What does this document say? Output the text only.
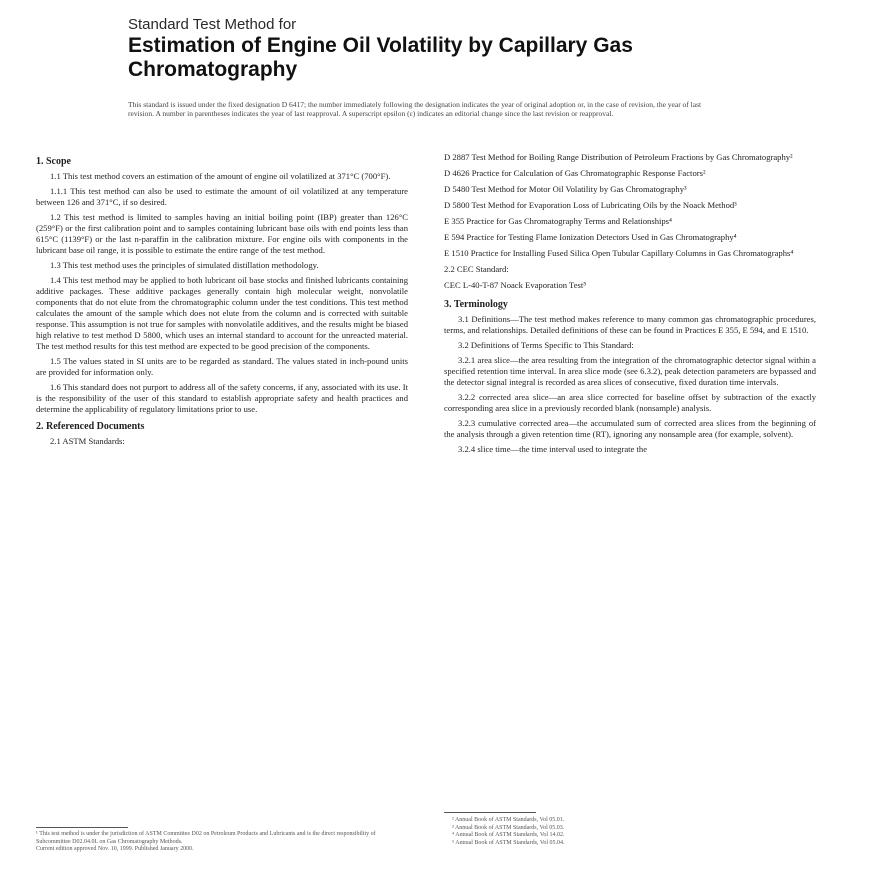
Standard Test Method for
Estimation of Engine Oil Volatility by Capillary Gas Chromatography
This standard is issued under the fixed designation D 6417; the number immediately following the designation indicates the year of original adoption or, in the case of revision, the year of last revision. A number in parentheses indicates the year of last reapproval. A superscript epsilon (ε) indicates an editorial change since the last revision or reapproval.
1. Scope
1.1 This test method covers an estimation of the amount of engine oil volatilized at 371°C (700°F).
1.1.1 This test method can also be used to estimate the amount of oil volatilized at any temperature between 126 and 371°C, if so desired.
1.2 This test method is limited to samples having an initial boiling point (IBP) greater than 126°C (259°F) or the first calibration point and to samples containing lubricant base oils with end points less than 615°C (1139°F) or the last n-paraffin in the calibration mixture. For engine oils with components in the lubricant base oil range, it is possible to estimate the entire range of the test method.
1.3 This test method uses the principles of simulated distillation methodology.
1.4 This test method may be applied to both lubricant oil base stocks and finished lubricants containing additive packages. These additive packages generally contain high molecular weight, nonvolatile components that do not elute from the chromatographic column under the test conditions. This test method calculates the amount of the sample which does not elute from the column and is corrected with suitable response. This assumption is not true for samples with nonvolatile additives, and the results might be biased high relative to test method D 5800, which uses an internal standard to account for the unreacted material. The test method results for this test method are expected to be good precision of the components.
1.5 The values stated in SI units are to be regarded as standard. The values stated in inch-pound units are provided for information only.
1.6 This standard does not purport to address all of the safety concerns, if any, associated with its use. It is the responsibility of the user of this standard to establish appropriate safety and health practices and determine the applicability of regulatory limitations prior to use.
2. Referenced Documents
2.1 ASTM Standards:
¹ This test method is under the jurisdiction of ASTM Committee D02 on Petroleum Products and Lubricants and is the direct responsibility of Subcommittee D02.04.0L on Gas Chromatography Methods.
Current edition approved Nov. 10, 1999. Published January 2000.
D 2887 Test Method for Boiling Range Distribution of Petroleum Fractions by Gas Chromatography²
D 4626 Practice for Calculation of Gas Chromatographic Response Factors²
D 5480 Test Method for Motor Oil Volatility by Gas Chromatography³
D 5800 Test Method for Evaporation Loss of Lubricating Oils by the Noack Method³
E 355 Practice for Gas Chromatography Terms and Relationships⁴
E 594 Practice for Testing Flame Ionization Detectors Used in Gas Chromatography⁴
E 1510 Practice for Installing Fused Silica Open Tubular Capillary Columns in Gas Chromatographs⁴
2.2 CEC Standard:
CEC L-40-T-87 Noack Evaporation Test⁵
3. Terminology
3.1 Definitions—The test method makes reference to many common gas chromatographic procedures, terms, and relationships. Detailed definitions of these can be found in Practices E 355, E 594, and E 1510.
3.2 Definitions of Terms Specific to This Standard:
3.2.1 area slice—the area resulting from the integration of the chromatographic detector signal within a specified retention time interval. In area slice mode (see 6.3.2), peak detection parameters are bypassed and the detector signal integral is recorded as area slices of consecutive, fixed duration time intervals.
3.2.2 corrected area slice—an area slice corrected for baseline offset by subtraction of the exactly corresponding area slice in a previously recorded blank (nonsample) analysis.
3.2.3 cumulative corrected area—the accumulated sum of corrected area slices from the beginning of the analysis through a given retention time (RT), ignoring any nonsample area (for example, solvent).
3.2.4 slice time—the time interval used to integrate the
² Annual Book of ASTM Standards, Vol 05.01.
³ Annual Book of ASTM Standards, Vol 05.03.
⁴ Annual Book of ASTM Standards, Vol 14.02.
⁵ Annual Book of ASTM Standards, Vol 05.04.
